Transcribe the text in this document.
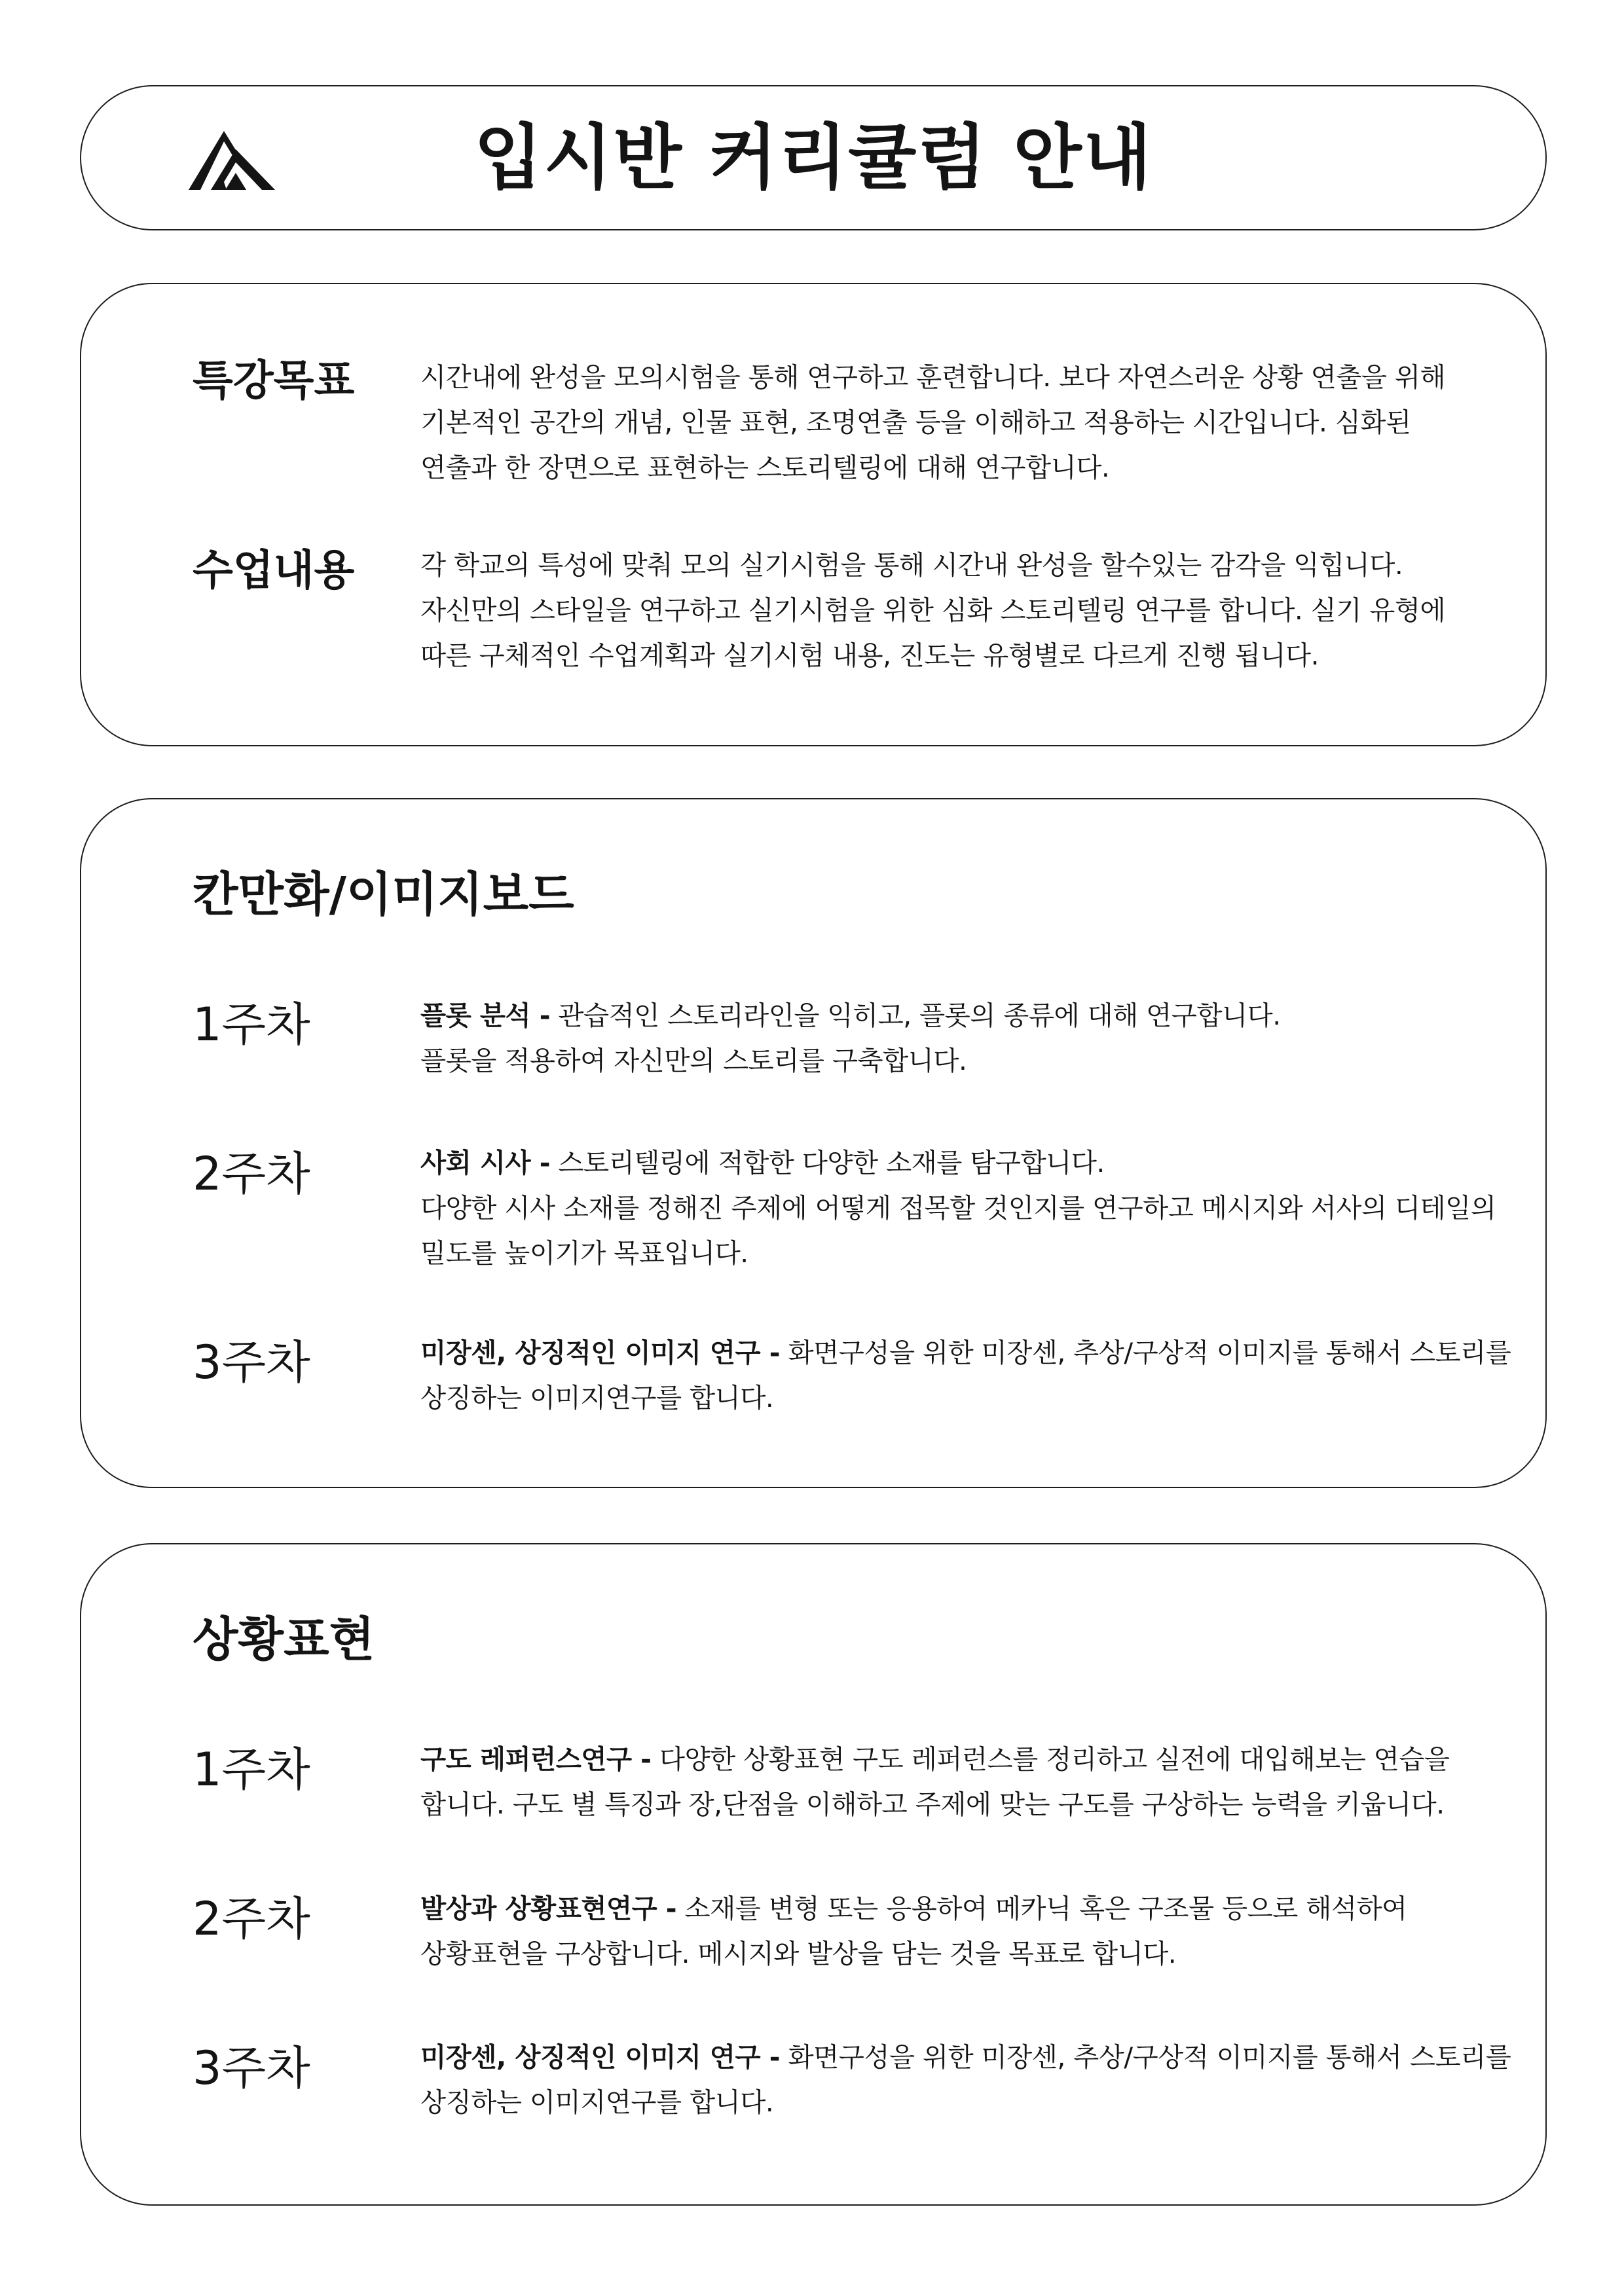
입시반 커리큘럼 안내
특강목표 시간내에 완성을 모의시험을 통해 연구하고 훈련합니다. 보다 자연스러운 상황 연출을 위해
기본적인 공간의 개념, 인물 표현, 조명연출 등을 이해하고 적용하는 시간입니다. 심화된
연출과 한 장면으로 표현하는 스토리텔링에 대해 연구합니다.
수업내용 각 학교의 특성에 맞춰 모의 실기시험을 통해 시간내 완성을 할수있는 감각을 익힙니다.
자신만의 스타일을 연구하고 실기시험을 위한 심화 스토리텔링 연구를 합니다. 실기 유형에
따른 구체적인 수업계획과 실기시험 내용, 진도는 유형별로 다르게 진행 됩니다.
칸만화/이미지보드
1주차	플롯 분석 - 관습적인 스토리라인을 익히고, 플롯의 종류에 대해 연구합니다.
플롯을 적용하여 자신만의 스토리를 구축합니다.
2주차	사회 시사 - 스토리텔링에 적합한 다양한 소재를 탐구합니다.
다양한 시사 소재를 정해진 주제에 어떻게 접목할 것인지를 연구하고 메시지와 서사의 디테일의
밀도를 높이기가 목표입니다.
3주차	미장센, 상징적인 이미지 연구 - 화면구성을 위한 미장센, 추상/구상적 이미지를 통해서 스토리를
상징하는 이미지연구를 합니다.
상황표현
1주차	구도 레퍼런스연구 - 다양한 상황표현 구도 레퍼런스를 정리하고 실전에 대입해보는 연습을
합니다. 구도 별 특징과 장,단점을 이해하고 주제에 맞는 구도를 구상하는 능력을 키웁니다.
2주차	발상과 상황표현연구 - 소재를 변형 또는 응용하여 메카닉 혹은 구조물 등으로 해석하여
상황표현을 구상합니다. 메시지와 발상을 담는 것을 목표로 합니다.
3주차	미장센, 상징적인 이미지 연구 - 화면구성을 위한 미장센, 추상/구상적 이미지를 통해서 스토리를
상징하는 이미지연구를 합니다.
